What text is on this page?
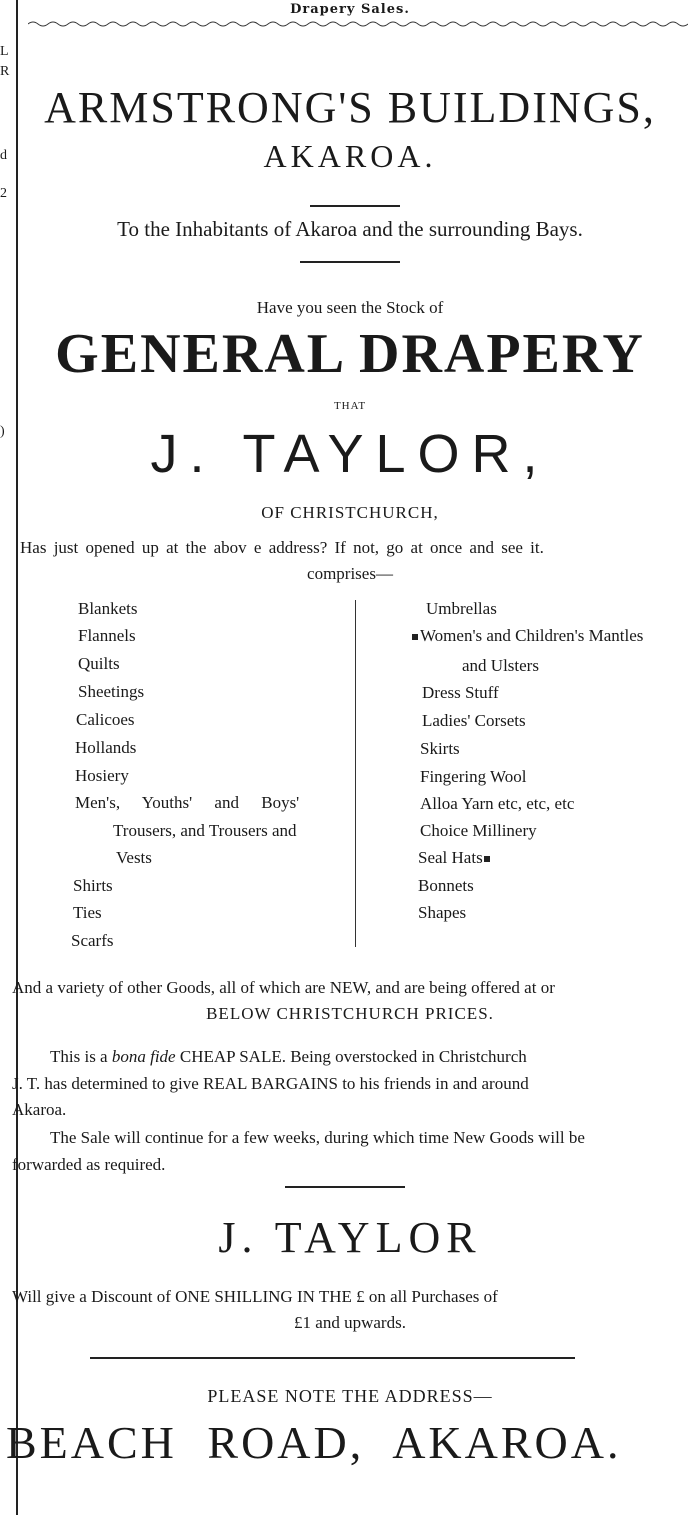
L
R
d
2
)
Drapery Sales.
ARMSTRONG'S BUILDINGS,
AKAROA.
To the Inhabitants of Akaroa and the surrounding Bays.
Have you seen the Stock of
GENERAL DRAPERY
THAT
J. TAYLOR,
OF CHRISTCHURCH,
Has just opened up at the abov e address? If not, go at once and see it.
comprises—
Blankets
Flannels
Quilts
Sheetings
Calicoes
Hollands
Hosiery
Men's, Youths' and Boys'
Trousers, and Trousers and
Vests
Shirts
Ties
Scarfs
Umbrellas
Women's and Children's Mantles
and Ulsters
Dress Stuff
Ladies' Corsets
Skirts
Fingering Wool
Alloa Yarn etc, etc, etc
Choice Millinery
Seal Hats
Bonnets
Shapes
And a variety of other Goods, all of which are NEW, and are being offered at or
BELOW CHRISTCHURCH PRICES.
This is a bona fide CHEAP SALE. Being overstocked in Christchurch
J. T. has determined to give REAL BARGAINS to his friends in and around
Akaroa.
The Sale will continue for a few weeks, during which time New Goods will be
forwarded as required.
J. TAYLOR
Will give a Discount of ONE SHILLING IN THE £ on all Purchases of
£1 and upwards.
PLEASE NOTE THE ADDRESS—
BEACH ROAD, AKAROA.
